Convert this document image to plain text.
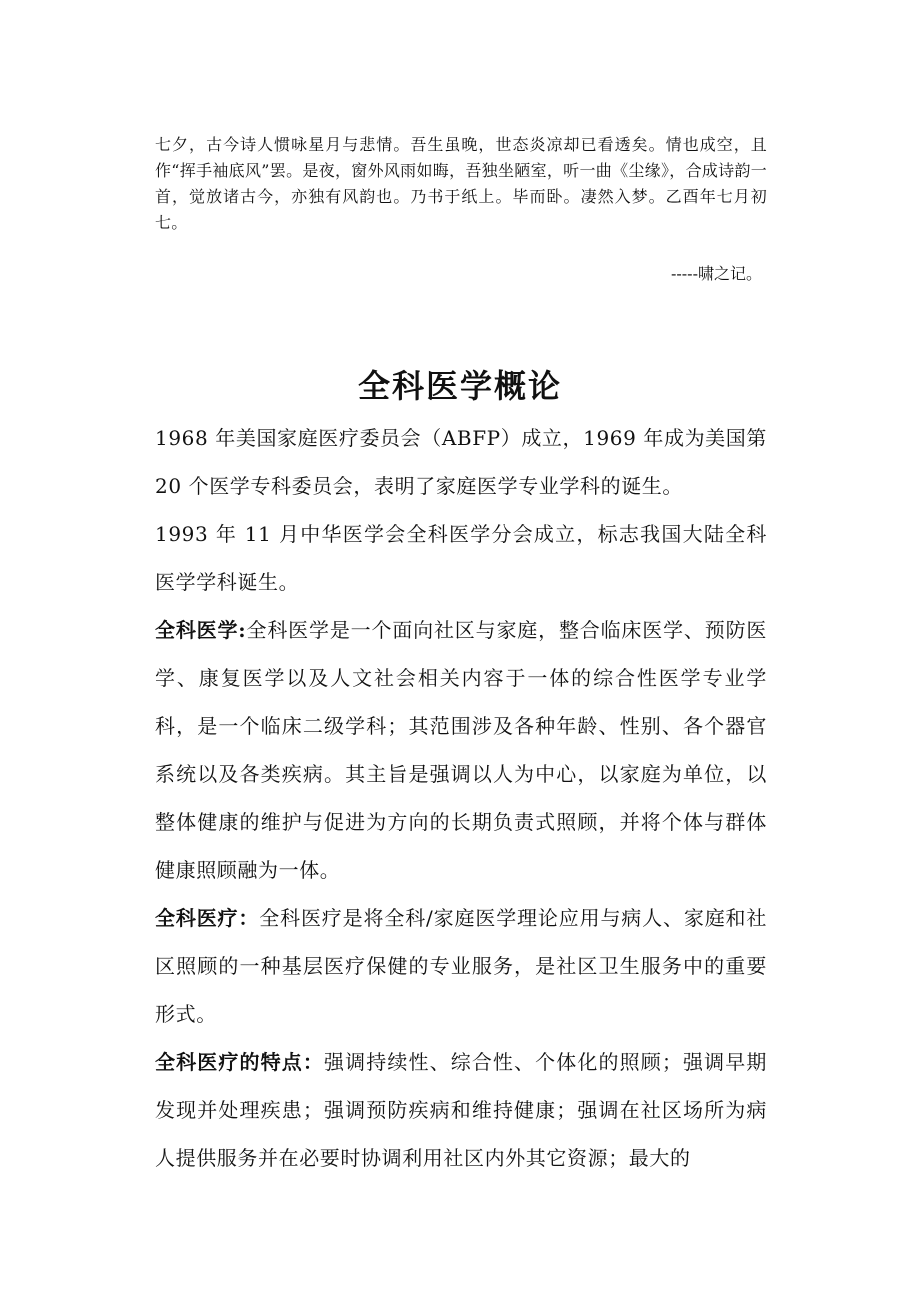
七夕，古今诗人惯咏星月与悲情。吾生虽晚，世态炎凉却已看透矣。情也成空，且作“挥手袖底风”罢。是夜，窗外风雨如晦，吾独坐陋室，听一曲《尘缘》，合成诗韵一首，觉放诸古今，亦独有风韵也。乃书于纸上。毕而卧。凄然入梦。乙酉年七月初七。
-----啸之记。
全科医学概论

1968 年美国家庭医疗委员会（ABFP）成立，1969 年成为美国第 20 个医学专科委员会，表明了家庭医学专业学科的诞生。

1993 年 11 月中华医学会全科医学分会成立，标志我国大陆全科医学学科诞生。

全科医学:全科医学是一个面向社区与家庭，整合临床医学、预防医学、康复医学以及人文社会相关内容于一体的综合性医学专业学科，是一个临床二级学科；其范围涉及各种年龄、性别、各个器官系统以及各类疾病。其主旨是强调以人为中心，以家庭为单位，以整体健康的维护与促进为方向的长期负责式照顾，并将个体与群体健康照顾融为一体。

全科医疗：全科医疗是将全科/家庭医学理论应用与病人、家庭和社区照顾的一种基层医疗保健的专业服务，是社区卫生服务中的重要形式。

全科医疗的特点：强调持续性、综合性、个体化的照顾；强调早期发现并处理疾患；强调预防疾病和维持健康；强调在社区场所为病人提供服务并在必要时协调利用社区内外其它资源；最大的
